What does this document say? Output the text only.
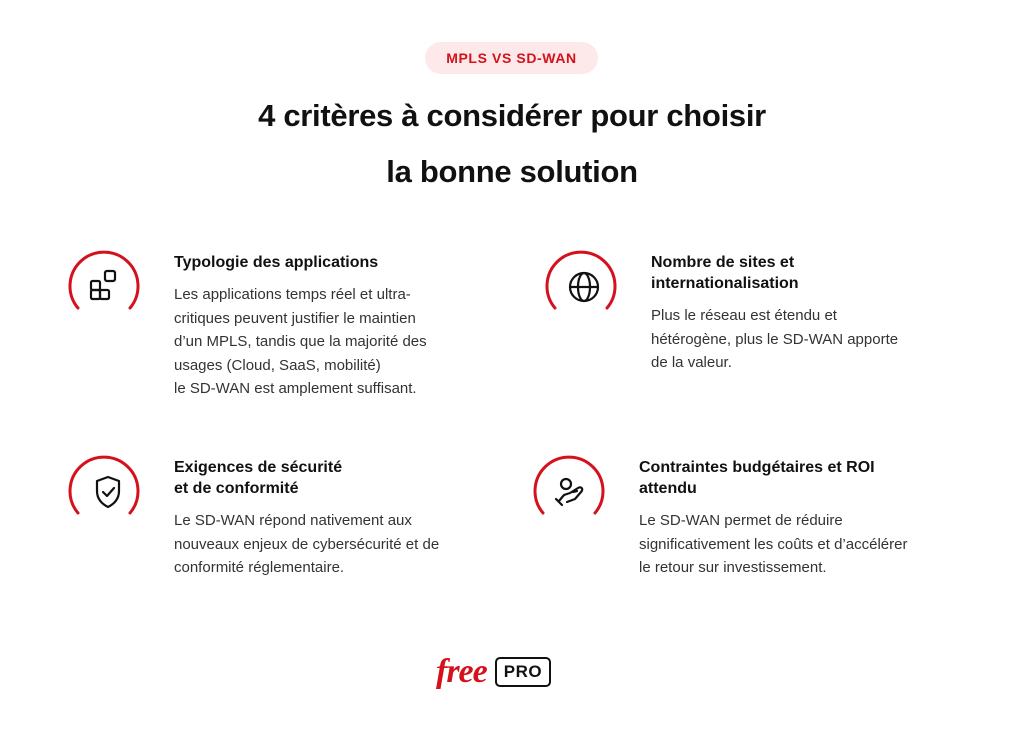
MPLS VS SD-WAN
4 critères à considérer pour choisir
la bonne solution
Typologie des applications

Les applications temps réel et ultra-
critiques peuvent justifier le maintien
d’un MPLS, tandis que la majorité des
usages (Cloud, SaaS, mobilité)
le SD-WAN est amplement suffisant.

Nombre de sites et
internationalisation

Plus le réseau est étendu et
hétérogène, plus le SD-WAN apporte
de la valeur.

Exigences de sécurité
et de conformité

Le SD-WAN répond nativement aux
nouveaux enjeux de cybersécurité et de
conformité réglementaire.

Contraintes budgétaires et ROI
attendu

Le SD-WAN permet de réduire
significativement les coûts et d’accélérer
le retour sur investissement.

free	PRO
